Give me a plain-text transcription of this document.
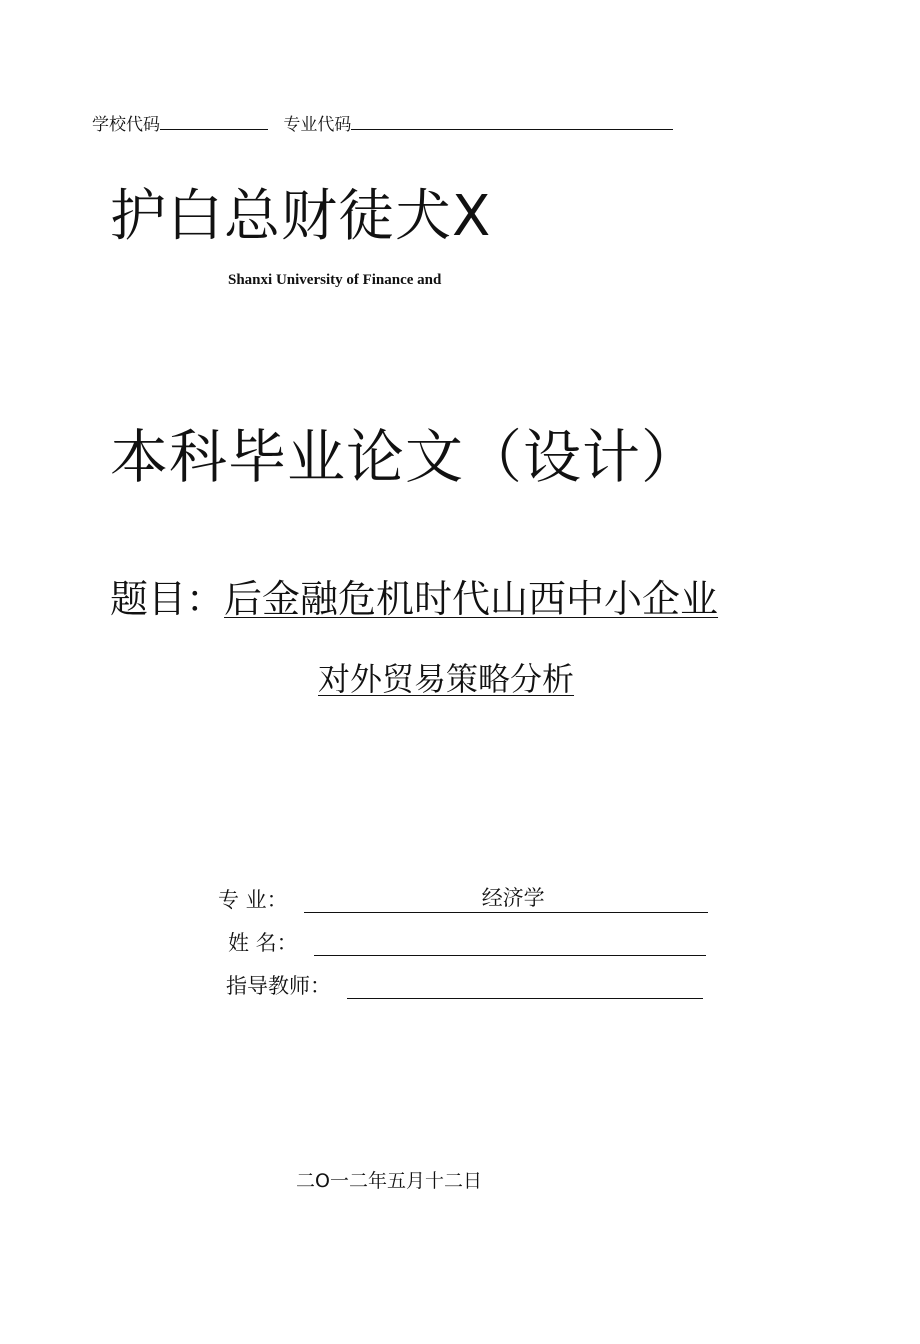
学校代码	专业代码
护白总财徒犬X
Shanxi University of Finance and
本科毕业论文（设计）
题目：后金融危机时代山西中小企业
对外贸易策略分析
专 业：	经济学
姓 名：
指导教师：
二O一二年五月十二日
